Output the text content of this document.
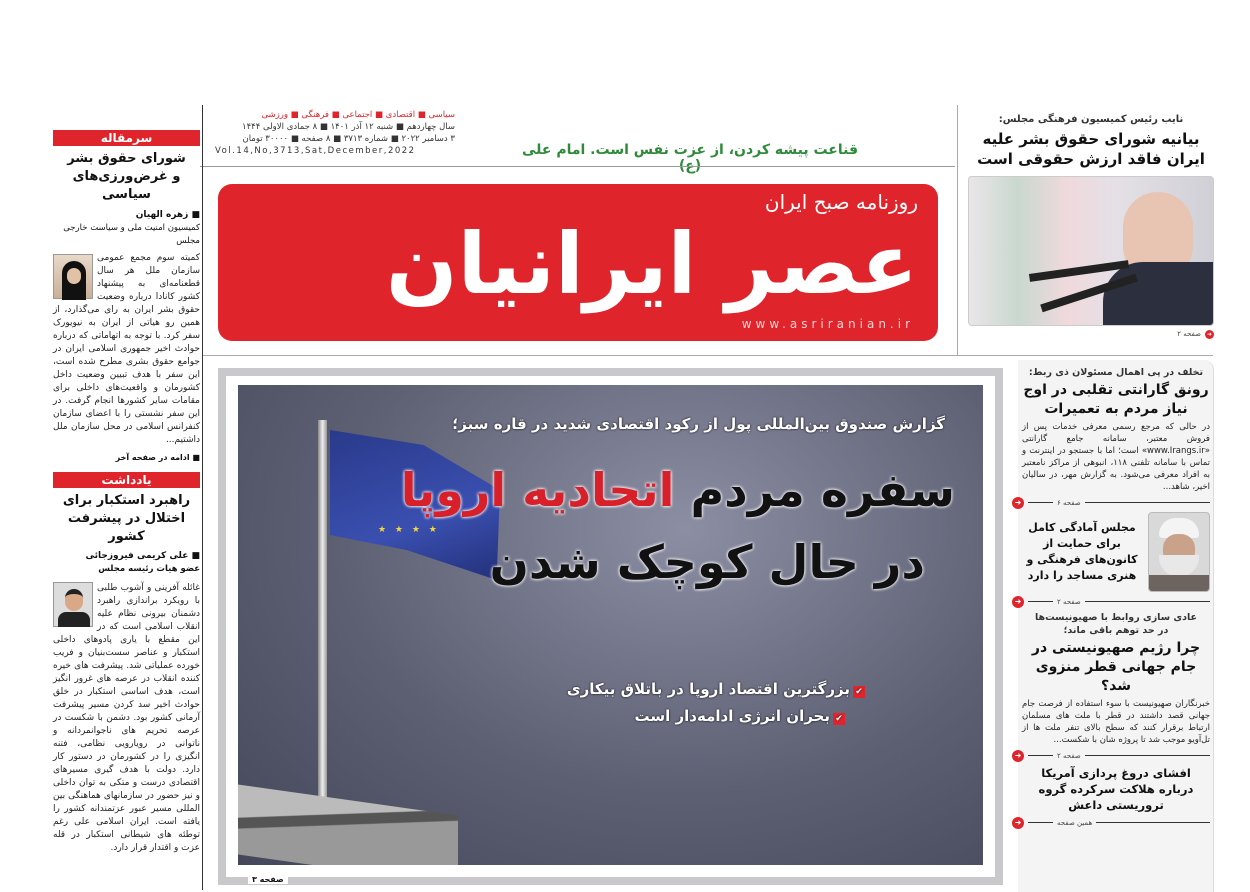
سیاسی ■ اقتصادی ■ اجتماعی ■ فرهنگی ■ ورزشی
سال چهاردهم ■ شنبه ۱۲ آذر ۱۴۰۱ ■ ۸ جمادی الاولی ۱۴۴۴
۳ دسامبر ۲۰۲۲ ■ شماره ۳۷۱۳ ■ ۸ صفحه ■ ۳۰۰۰۰ تومان
Vol.14,No,3713,Sat,December,2022	قناعت پیشه کردن، از عزت نفس است. امام علی (ع)
روزنامه صبح ایران
عصر ایرانیان
www.asriranian.ir
سرمقاله
شورای حقوق بشر و غرض‌ورزی‌های سیاسی
■ زهره الهیان
کمیسیون امنیت ملی و سیاست خارجی مجلس
کمیته سوم مجمع عمومی سازمان ملل هر سال قطعنامه‌ای به پیشنهاد کشور کانادا درباره وضعیت حقوق بشر ایران به رای می‌گذارد، از همین رو هیاتی از ایران به نیویورک سفر کرد. با توجه به اتهاماتی که درباره حوادث اخیر جمهوری اسلامی ایران در جوامع حقوق بشری مطرح شده است، این سفر با هدف تبیین وضعیت داخل کشورمان و واقعیت‌های داخلی برای مقامات سایر کشورها انجام گرفت. در این سفر نشستی را با اعضای سازمان کنفرانس اسلامی در محل سازمان ملل داشتیم...
■ ادامه در صفحه آخر
یادداشت
راهبرد استکبار برای اختلال در پیشرفت کشور
■ علی کریمی فیروزجائی
عضو هیات رئیسه مجلس
غائله آفرینی و آشوب طلبی با رویکرد براندازی راهبرد دشمنان بیرونی نظام علیه انقلاب اسلامی است که در این مقطع با یاری پادوهای داخلی استکبار و عناصر سست‌بنیان و فریب خورده عملیاتی شد. پیشرفت های خیره کننده انقلاب در عرصه های غرور انگیز است، هدف اساسی استکبار در خلق حوادث اخیر سد کردن مسیر پیشرفت آرمانی کشور بود. دشمن با شکست در عرصه تحریم های ناجوانمردانه و ناتوانی در رویارویی نظامی، فتنه انگیزی را در کشورمان در دستور کار دارد. دولت با هدف گیری مسیرهای اقتصادی درست و متکی به توان داخلی و نیز حضور در سازمانهای هماهنگی بین المللی مسیر عبور عزتمندانه کشور را یافته است. ایران اسلامی علی رغم توطئه های شیطانی استکبار در قله عزت و اقتدار قرار دارد.
★ ★ ★ ★
گزارش صندوق بین‌المللی پول از رکود اقتصادی شدید در قاره سبز؛
سفره مردم اتحادیه اروپا
در حال کوچک شدن
✔بزرگترین اقتصاد اروپا در باتلاق بیکاری
✔بحران انرژی ادامه‌دار است
صفحه ۳
نایب رئیس کمیسیون فرهنگی مجلس:
بیانیه شورای حقوق بشر علیه ایران فاقد ارزش حقوقی است
➜
صفحه ۲
تخلف در پی اهمال مسئولان ذی ربط:
رونق گارانتی تقلبی در اوج نیاز مردم به تعمیرات
در حالی که مرجع رسمی معرفی خدمات پس از فروش معتبر، سامانه جامع گارانتی «www.Irangs.ir» است؛ اما با جستجو در اینترنت و تماس با سامانه تلفنی ۱۱۸، انبوهی از مراکز نامعتبر به افراد معرفی می‌شود. به گزارش مهر، در سالیان اخیر، شاهد...
➜	صفحه ۶
مجلس آمادگی کامل برای حمایت از کانون‌های فرهنگی و هنری مساجد را دارد
➜	صفحه ۲
عادی سازی روابط با صهیونیست‌ها در حد توهم باقی ماند؛
چرا رژیم صهیونیستی در جام جهانی قطر منزوی شد؟
خبرنگاران صهیونیست با سوء استفاده از فرصت جام جهانی قصد داشتند در قطر با ملت های مسلمان ارتباط برقرار کنند که سطح بالای تنفر ملت ها از تل‌آویو موجب شد تا پروژه شان با شکست...
➜	صفحه ۲
افشای دروغ پردازی آمریکا درباره هلاکت سرکرده گروه تروریستی داعش
➜	همین صفحه
